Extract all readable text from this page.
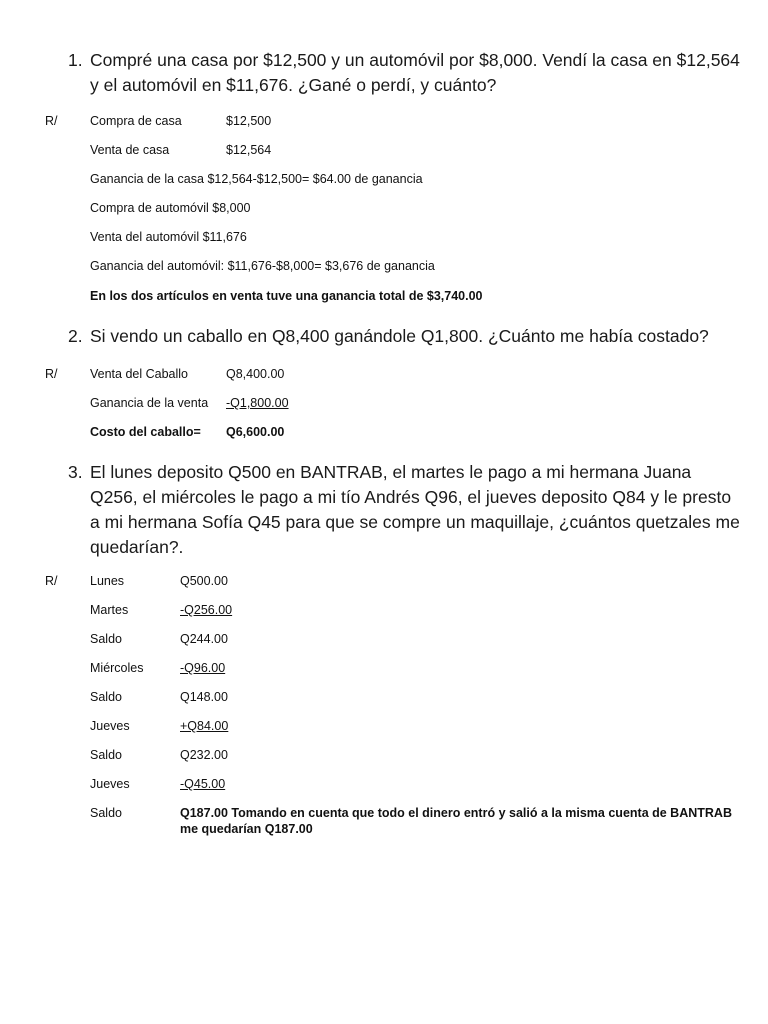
1. Compré una casa por $12,500 y un automóvil por $8,000. Vendí la casa en $12,564 y el automóvil en $11,676. ¿Gané o perdí, y cuánto?
R/	Compra de casa	$12,500
Venta de casa	$12,564
Ganancia de la casa $12,564-$12,500= $64.00 de ganancia
Compra de automóvil $8,000
Venta del automóvil $11,676
Ganancia del automóvil: $11,676-$8,000= $3,676 de ganancia
En los dos artículos en venta tuve una ganancia total de $3,740.00
2. Si vendo un caballo en Q8,400 ganándole Q1,800. ¿Cuánto me había costado?
R/	Venta del Caballo	Q8,400.00
Ganancia de la venta -Q1,800.00
Costo del caballo= Q6,600.00
3. El lunes deposito Q500 en BANTRAB, el martes le pago a mi hermana Juana Q256, el miércoles le pago a mi tío Andrés Q96, el jueves deposito Q84 y le presto a mi hermana Sofía Q45 para que se compre un maquillaje, ¿cuántos quetzales me quedarían?.
R/	Lunes	Q500.00
Martes	-Q256.00
Saldo	Q244.00
Miércoles	-Q96.00
Saldo	Q148.00
Jueves	+Q84.00
Saldo	Q232.00
Jueves	-Q45.00
Saldo	Q187.00 Tomando en cuenta que todo el dinero entró y salió a la misma cuenta de BANTRAB me quedarían Q187.00
